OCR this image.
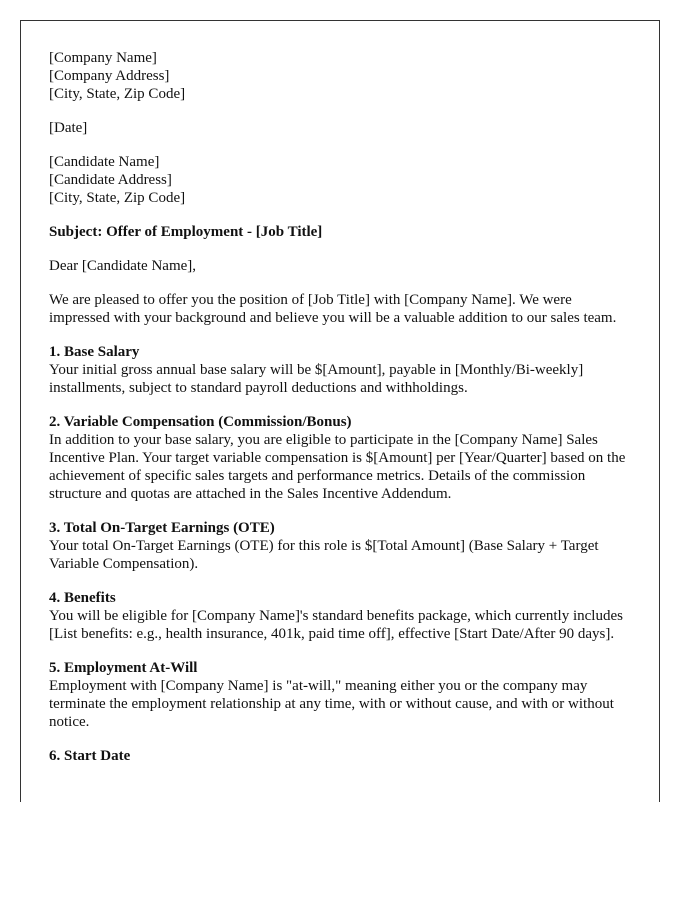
[Company Name]
[Company Address]
[City, State, Zip Code]

[Date]

[Candidate Name]
[Candidate Address]
[City, State, Zip Code]

Subject: Offer of Employment - [Job Title]

Dear [Candidate Name],

We are pleased to offer you the position of [Job Title] with [Company Name]. We were impressed with your background and believe you will be a valuable addition to our sales team.

1. Base Salary
Your initial gross annual base salary will be $[Amount], payable in [Monthly/Bi-weekly] installments, subject to standard payroll deductions and withholdings.

2. Variable Compensation (Commission/Bonus)
In addition to your base salary, you are eligible to participate in the [Company Name] Sales Incentive Plan. Your target variable compensation is $[Amount] per [Year/Quarter] based on the achievement of specific sales targets and performance metrics. Details of the commission structure and quotas are attached in the Sales Incentive Addendum.

3. Total On-Target Earnings (OTE)
Your total On-Target Earnings (OTE) for this role is $[Total Amount] (Base Salary + Target Variable Compensation).

4. Benefits
You will be eligible for [Company Name]'s standard benefits package, which currently includes [List benefits: e.g., health insurance, 401k, paid time off], effective [Start Date/After 90 days].

5. Employment At-Will
Employment with [Company Name] is "at-will," meaning either you or the company may terminate the employment relationship at any time, with or without cause, and with or without notice.

6. Start Date
